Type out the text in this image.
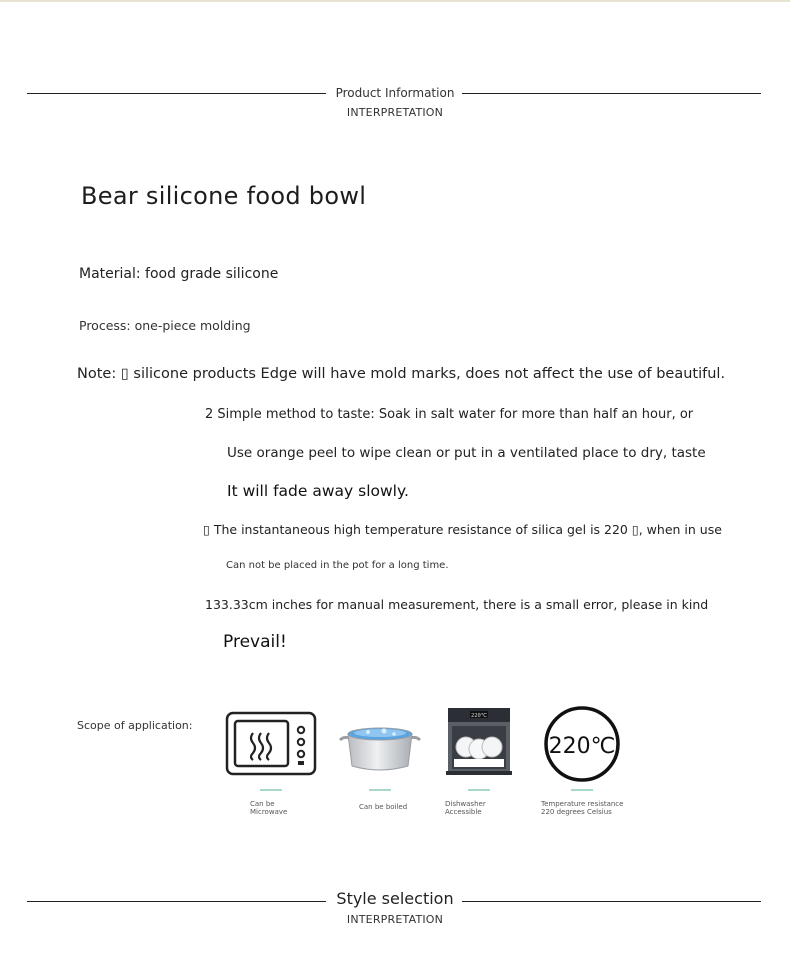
Product Information
INTERPRETATION
Bear silicone food bowl
Material: food grade silicone
Process: one-piece molding
Note: ▯ silicone products Edge will have mold marks, does not affect the use of beautiful.
2 Simple method to taste: Soak in salt water for more than half an hour, or
Use orange peel to wipe clean or put in a ventilated place to dry, taste
It will fade away slowly.
▯ The instantaneous high temperature resistance of silica gel is 220 ▯, when in use
Can not be placed in the pot for a long time.
133.33cm inches for manual measurement, there is a small error, please in kind
Prevail!
Scope of application:
Can be Microwave
Can be boiled
220℃
Dishwasher Accessible
220℃
Temperature resistance 220 degrees Celsius
Style selection
INTERPRETATION
